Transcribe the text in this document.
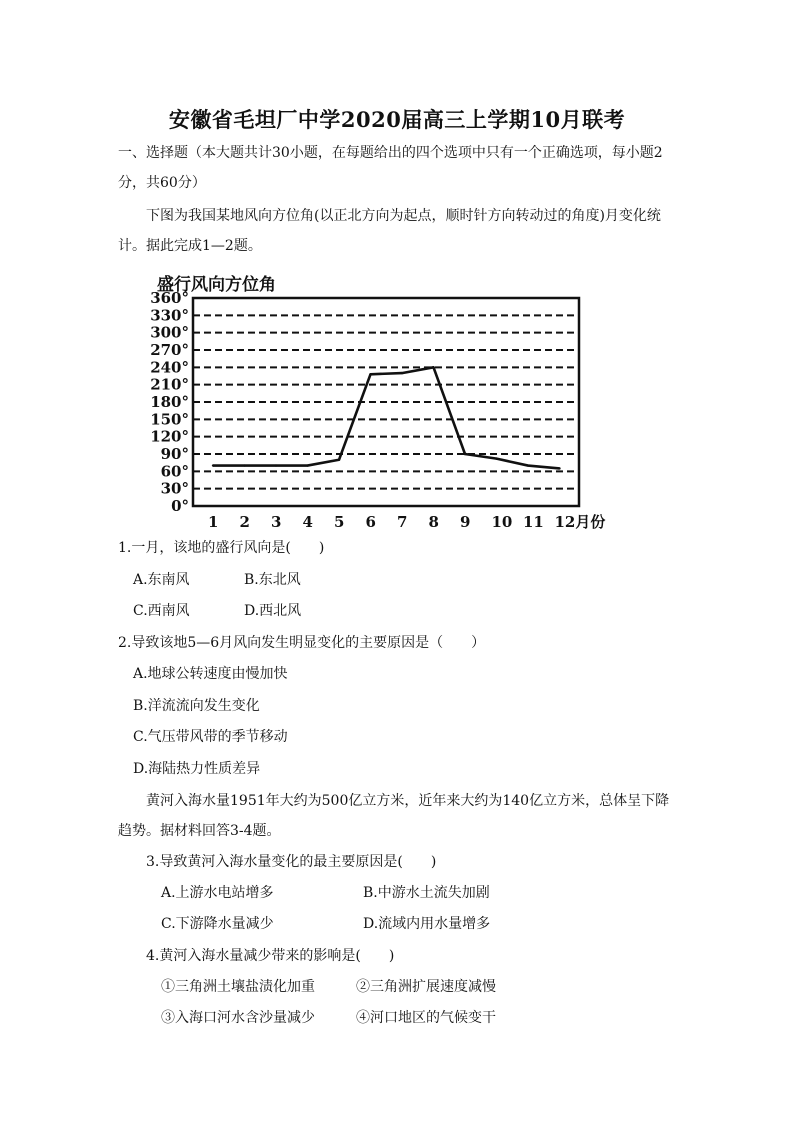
安徽省毛坦厂中学2020届高三上学期10月联考
一、选择题（本大题共计30小题，在每题给出的四个选项中只有一个正确选项，每小题2
分，共60分）
下图为我国某地风向方位角(以正北方向为起点，顺时针方向转动过的角度)月变化统
计。据此完成1—2题。
盛行风向方位角
0°
30°
60°
90°
120°
150°
180°
210°
240°
270°
300°
330°
360°
1 2 3 4 5 6 7 8 9 10 11 12月份
1.一月，该地的盛行风向是(　　)
A.东南风	B.东北风
C.西南风	D.西北风
2.导致该地5—6月风向发生明显变化的主要原因是（　　）
A.地球公转速度由慢加快
B.洋流流向发生变化
C.气压带风带的季节移动
D.海陆热力性质差异
黄河入海水量1951年大约为500亿立方米，近年来大约为140亿立方米，总体呈下降
趋势。据材料回答3-4题。
3.导致黄河入海水量变化的最主要原因是(　　)
A.上游水电站增多	B.中游水土流失加剧
C.下游降水量减少	D.流域内用水量增多
4.黄河入海水量减少带来的影响是(　　)
①三角洲土壤盐渍化加重	②三角洲扩展速度减慢
③入海口河水含沙量减少	④河口地区的气候变干
